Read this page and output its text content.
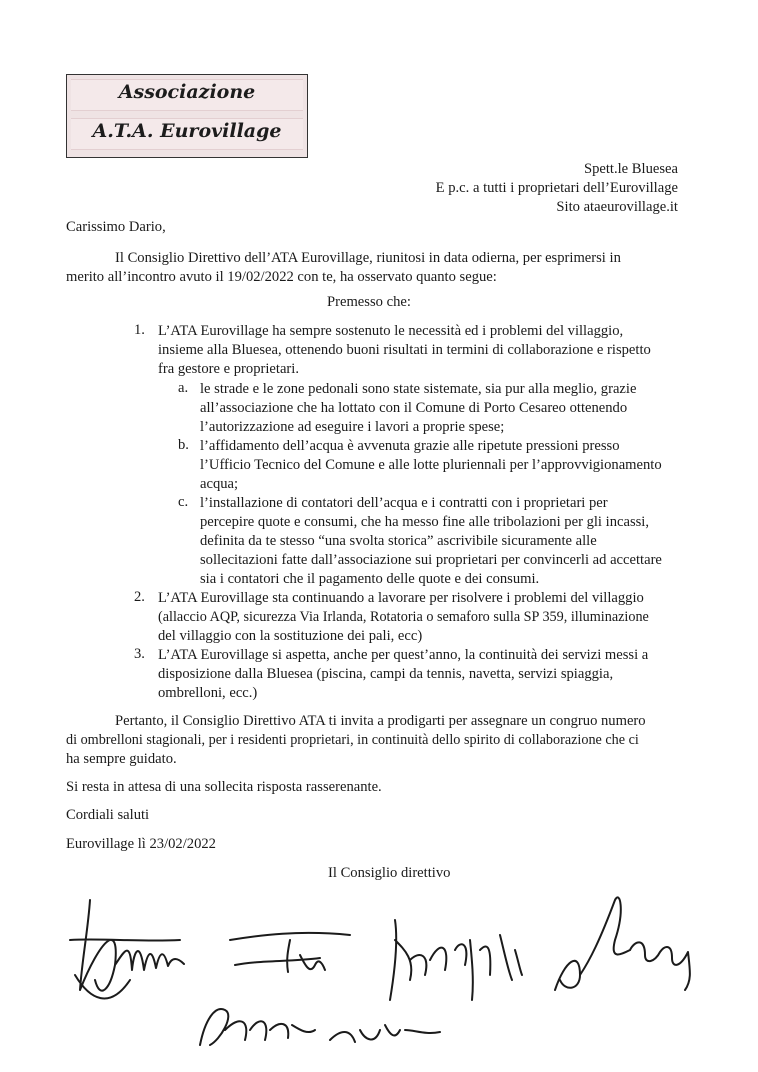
Associazione
A.T.A. Eurovillage
Spett.le Bluesea
E p.c. a tutti i proprietari dell’Eurovillage
Sito ataeurovillage.it
Carissimo Dario,
Il Consiglio Direttivo dell’ATA Eurovillage, riunitosi in data odierna, per esprimersi in
merito all’incontro avuto il 19/02/2022 con te, ha osservato quanto segue:
Premesso che:
1. L’ATA Eurovillage ha sempre sostenuto le necessità ed i problemi del villaggio,
insieme alla Bluesea, ottenendo buoni risultati in termini di collaborazione e rispetto
fra gestore e proprietari.
a. le strade e le zone pedonali sono state sistemate, sia pur alla meglio, grazie
all’associazione che ha lottato con il Comune di Porto Cesareo ottenendo
l’autorizzazione ad eseguire i lavori a proprie spese;
b. l’affidamento dell’acqua è avvenuta grazie alle ripetute pressioni presso
l’Ufficio Tecnico del Comune e alle lotte pluriennali per l’approvvigionamento
acqua;
c. l’installazione di contatori dell’acqua e i contratti con i proprietari per
percepire quote e consumi, che ha messo fine alle tribolazioni per gli incassi,
definita da te stesso “una svolta storica” ascrivibile sicuramente alle
sollecitazioni fatte dall’associazione sui proprietari per convincerli ad accettare
sia i contatori che il pagamento delle quote e dei consumi.
2. L’ATA Eurovillage sta continuando a lavorare per risolvere i problemi del villaggio
(allaccio AQP, sicurezza Via Irlanda, Rotatoria o semaforo sulla SP 359, illuminazione
del villaggio con la sostituzione dei pali, ecc)
3. L’ATA Eurovillage si aspetta, anche per quest’anno, la continuità dei servizi messi a
disposizione dalla Bluesea (piscina, campi da tennis, navetta, servizi spiaggia,
ombrelloni, ecc.)
Pertanto, il Consiglio Direttivo ATA ti invita a prodigarti per assegnare un congruo numero
di ombrelloni stagionali, per i residenti proprietari, in continuità dello spirito di collaborazione che ci
ha sempre guidato.
Si resta in attesa di una sollecita risposta rasserenante.
Cordiali saluti
Eurovillage lì 23/02/2022
Il Consiglio direttivo
